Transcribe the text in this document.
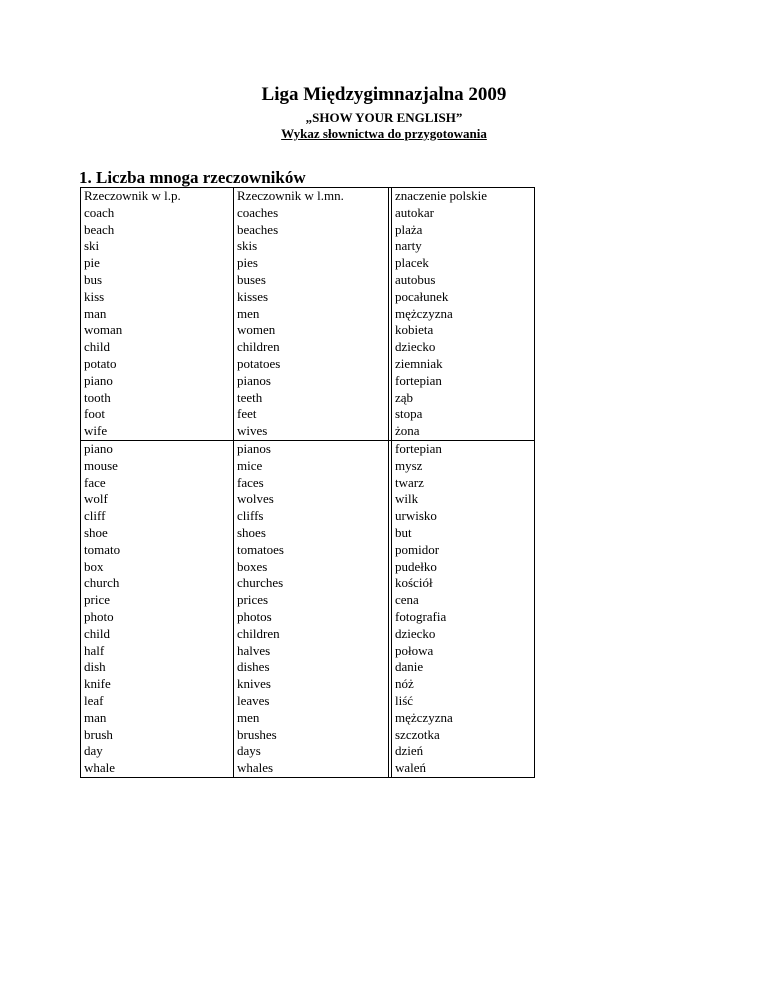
Liga Międzygimnazjalna 2009

„SHOW YOUR ENGLISH”

Wykaz słownictwa do przygotowania

1. Liczba mnoga rzeczowników
Rzeczownik w l.p.	Rzeczownik w l.mn.		znaczenie polskie
coach	coaches		autokar
beach	beaches		plaża
ski	skis		narty
pie	pies		placek
bus	buses		autobus
kiss	kisses		pocałunek
man	men		mężczyzna
woman	women		kobieta
child	children		dziecko
potato	potatoes		ziemniak
piano	pianos		fortepian
tooth	teeth		ząb
foot	feet		stopa
wife	wives		żona
piano	pianos		fortepian
mouse	mice		mysz
face	faces		twarz
wolf	wolves		wilk
cliff	cliffs		urwisko
shoe	shoes		but
tomato	tomatoes		pomidor
box	boxes		pudełko
church	churches		kościół
price	prices		cena
photo	photos		fotografia
child	children		dziecko
half	halves		połowa
dish	dishes		danie
knife	knives		nóż
leaf	leaves		liść
man	men		mężczyzna
brush	brushes		szczotka
day	days		dzień
whale	whales		waleń
